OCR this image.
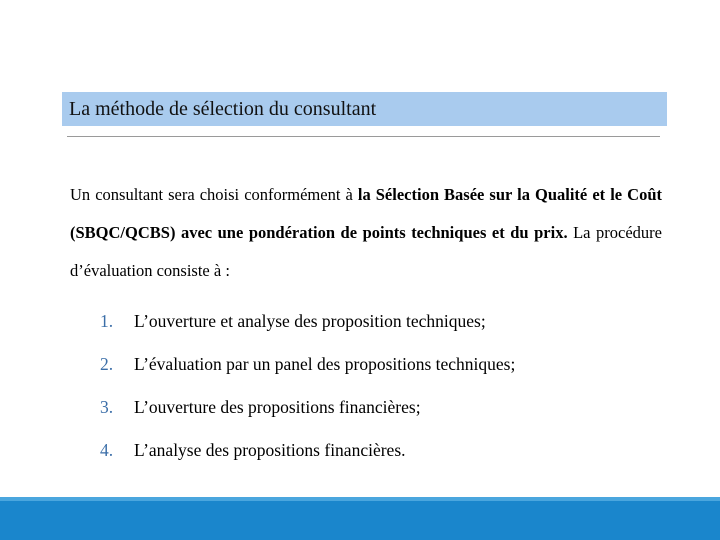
La méthode de sélection du consultant
Un consultant sera choisi conformément à la Sélection Basée sur la Qualité et le Coût (SBQC/QCBS) avec une pondération de points techniques et du prix. La procédure d’évaluation consiste à :
1.	L’ouverture et analyse des proposition techniques;
2.	L’évaluation par un panel des propositions techniques;
3.	L’ouverture des propositions financières;
4.	L’analyse des propositions financières.
